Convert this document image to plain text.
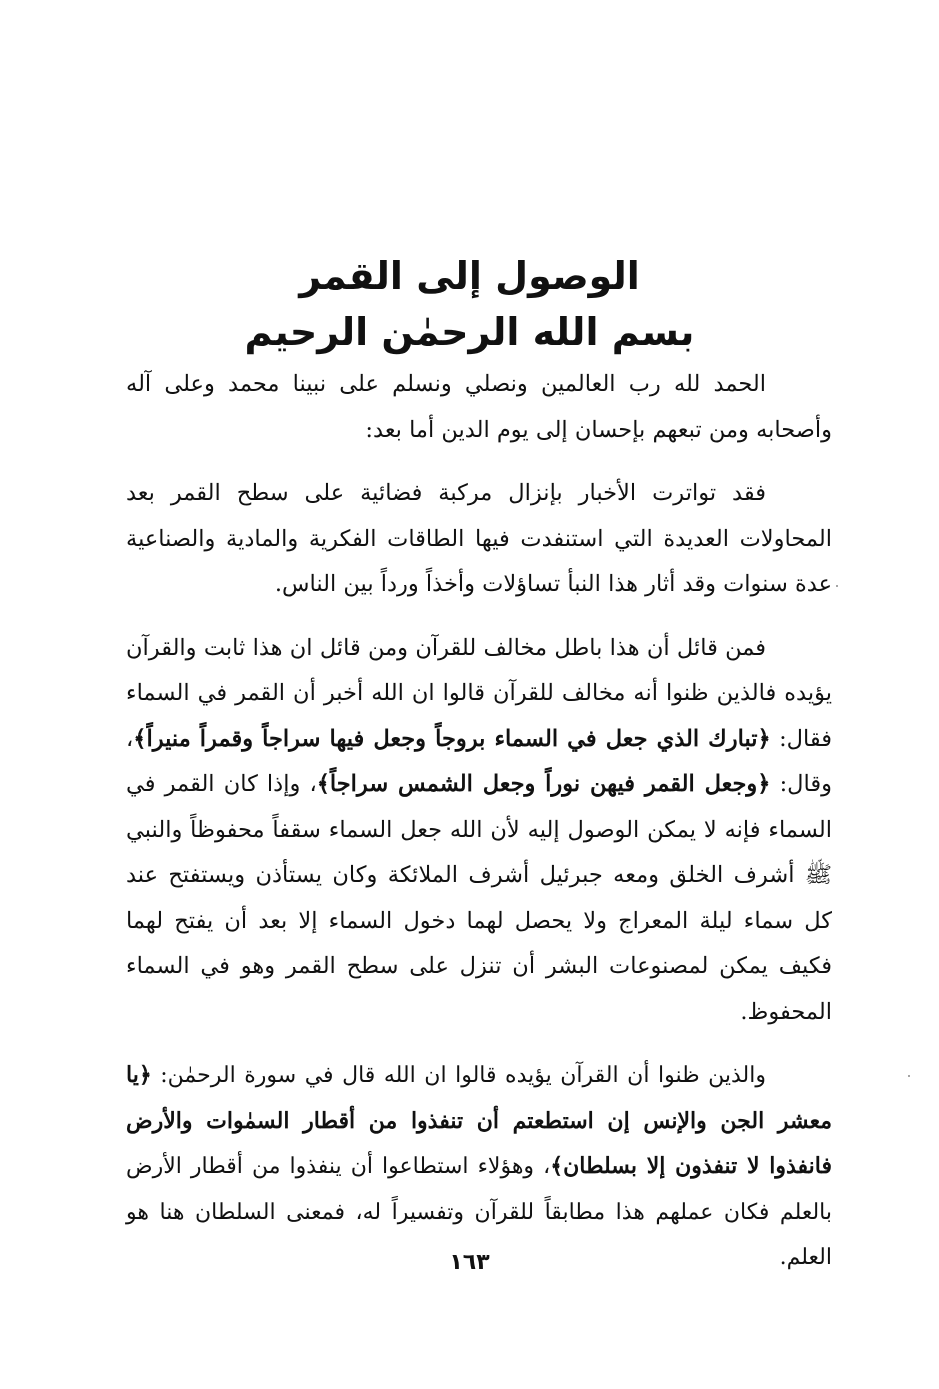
الوصول إلى القمر
بسم الله الرحمٰن الرحيم

الحمد لله رب العالمين ونصلي ونسلم على نبينا محمد وعلى آله وأصحابه ومن تبعهم بإحسان إلى يوم الدين أما بعد:

فقد تواترت الأخبار بإنزال مركبة فضائية على سطح القمر بعد المحاولات العديدة التي استنفدت فيها الطاقات الفكرية والمادية والصناعية عدة سنوات وقد أثار هذا النبأ تساؤلات وأخذاً ورداً بين الناس.

فمن قائل أن هذا باطل مخالف للقرآن ومن قائل ان هذا ثابت والقرآن يؤيده فالذين ظنوا أنه مخالف للقرآن قالوا ان الله أخبر أن القمر في السماء فقال: ﴿تبارك الذي جعل في السماء بروجاً وجعل فيها سراجاً وقمراً منيراً﴾، وقال: ﴿وجعل القمر فيهن نوراً وجعل الشمس سراجاً﴾، وإذا كان القمر في السماء فإنه لا يمكن الوصول إليه لأن الله جعل السماء سقفاً محفوظاً والنبي ﷺ أشرف الخلق ومعه جبرئيل أشرف الملائكة وكان يستأذن ويستفتح عند كل سماء ليلة المعراج ولا يحصل لهما دخول السماء إلا بعد أن يفتح لهما فكيف يمكن لمصنوعات البشر أن تنزل على سطح القمر وهو في السماء المحفوظ.

والذين ظنوا أن القرآن يؤيده قالوا ان الله قال في سورة الرحمٰن: ﴿يا معشر الجن والإنس إن استطعتم أن تنفذوا من أقطار السمٰوات والأرض فانفذوا لا تنفذون إلا بسلطان﴾، وهؤلاء استطاعوا أن ينفذوا من أقطار الأرض بالعلم فكان عملهم هذا مطابقاً للقرآن وتفسيراً له، فمعنى السلطان هنا هو العلم.

١٦٣
